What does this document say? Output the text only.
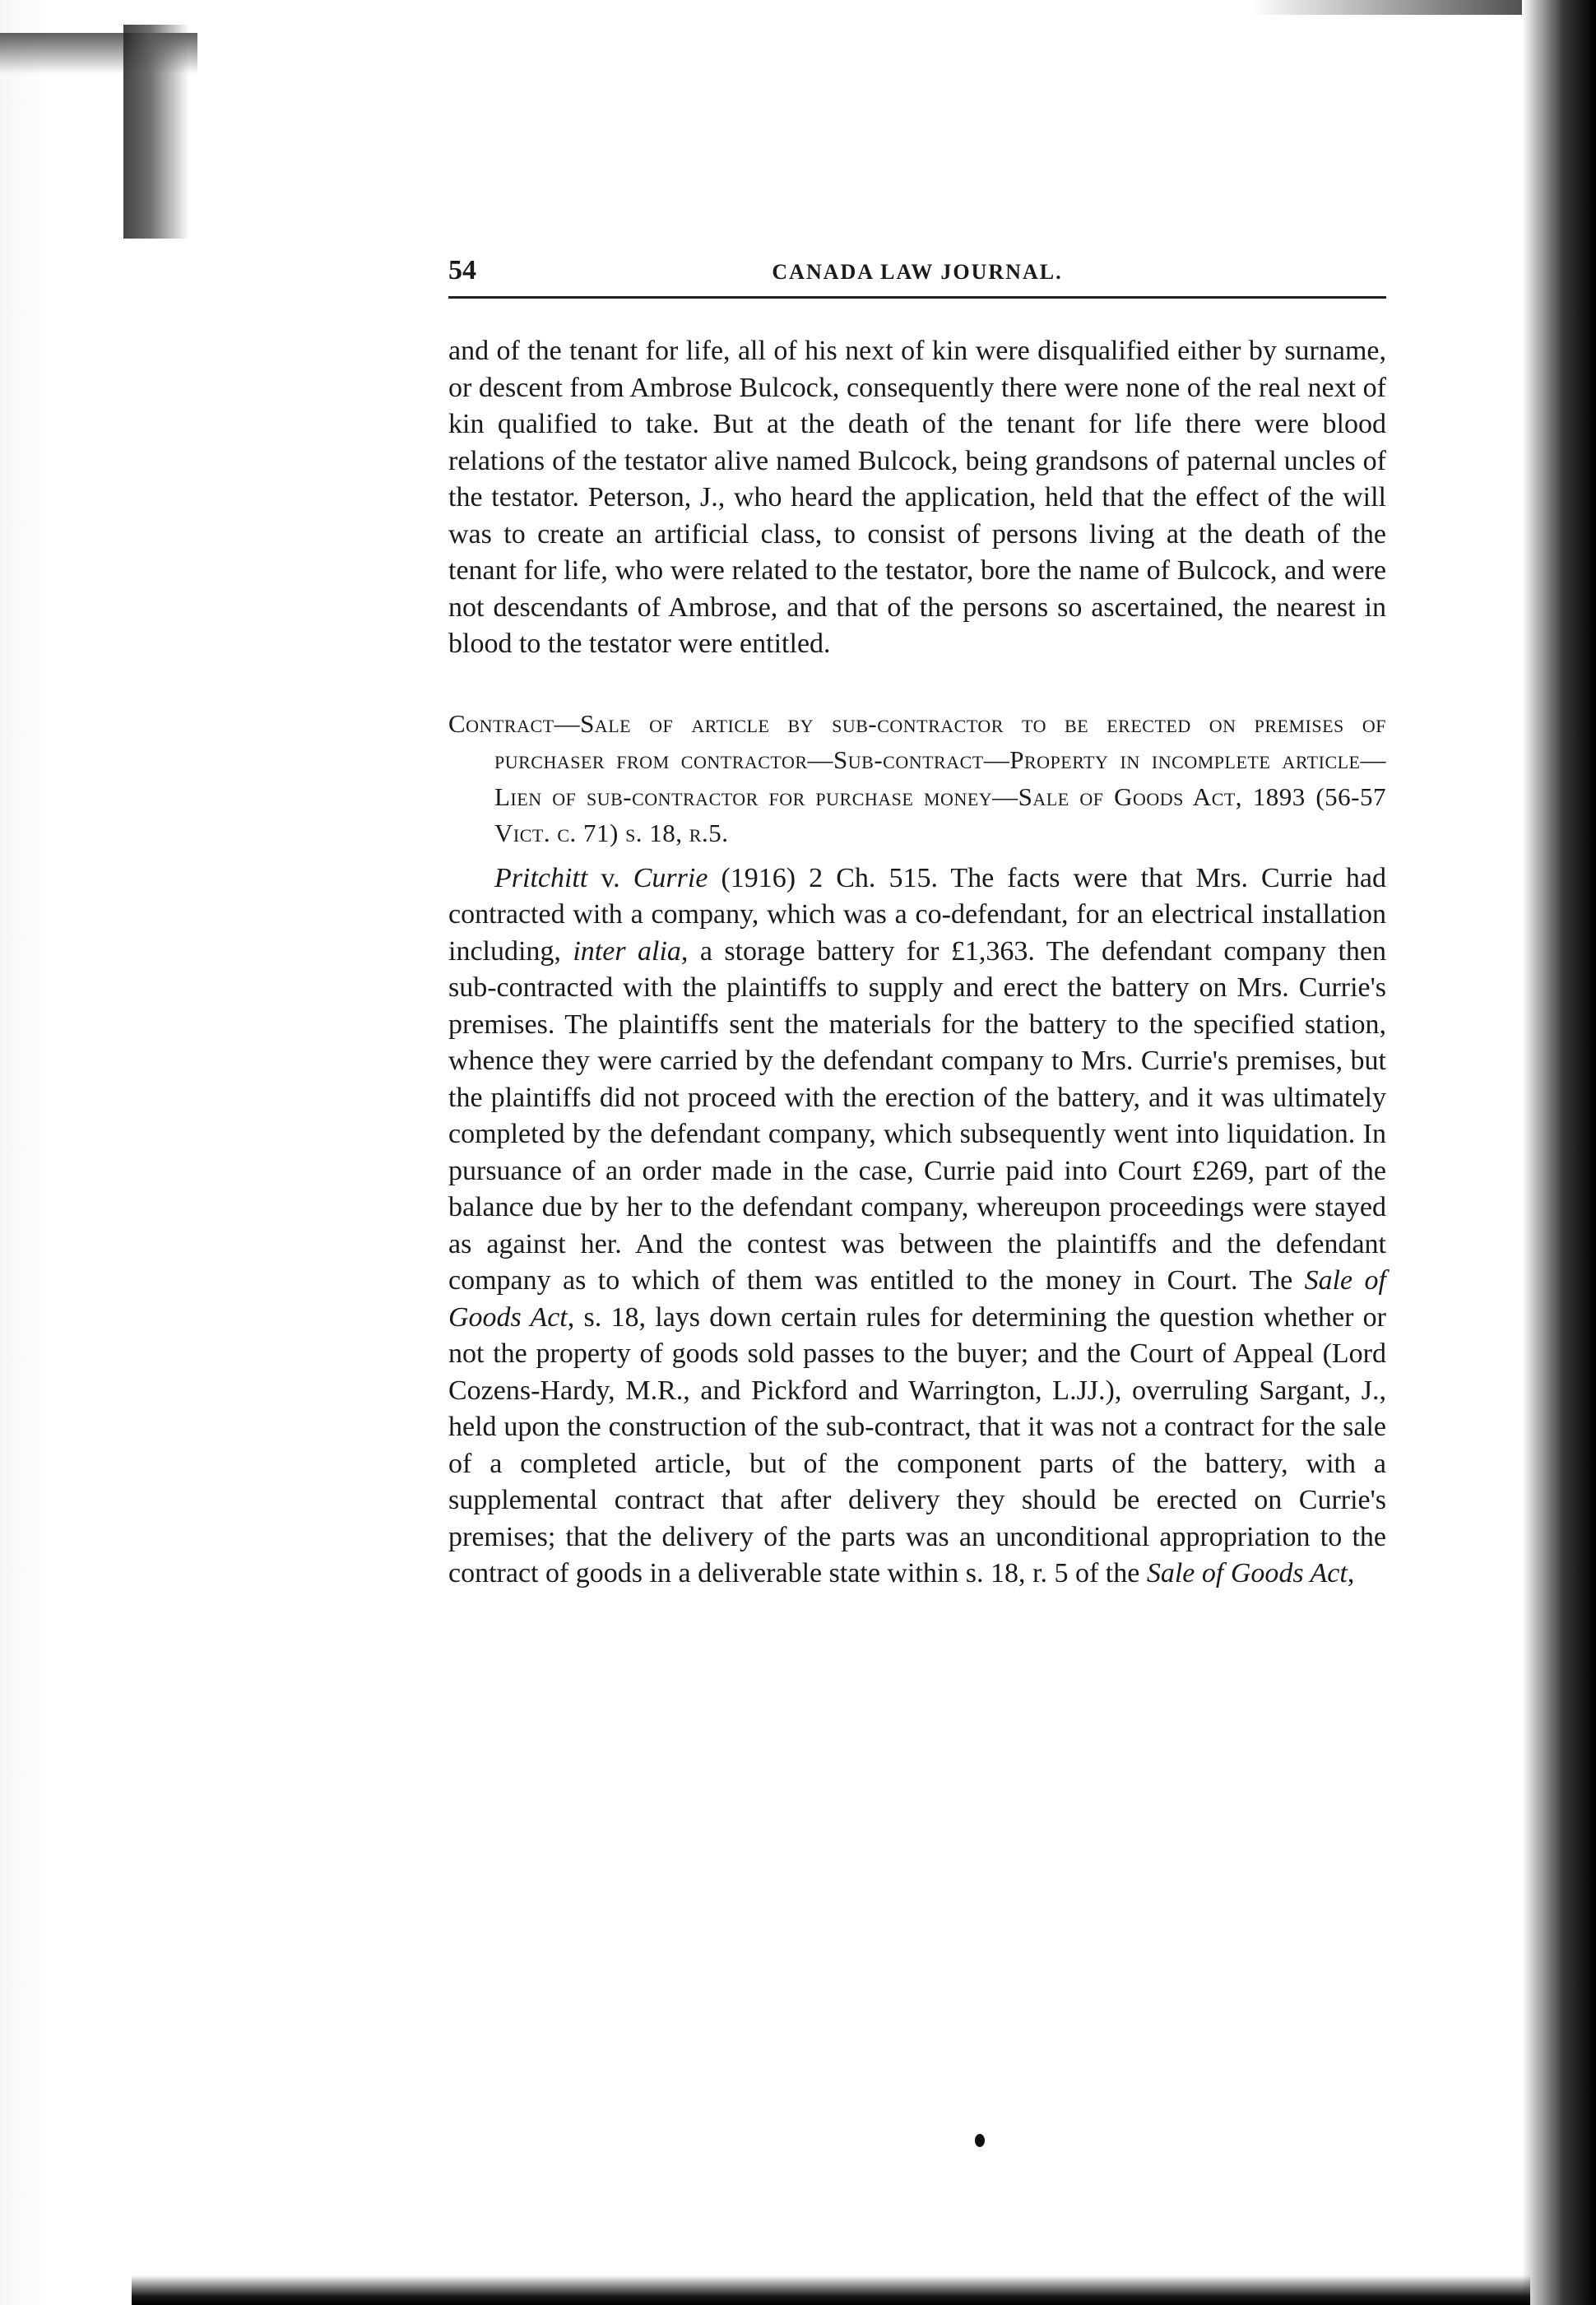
54	CANADA LAW JOURNAL.

and of the tenant for life, all of his next of kin were disqualified either by surname, or descent from Ambrose Bulcock, consequently there were none of the real next of kin qualified to take. But at the death of the tenant for life there were blood relations of the testator alive named Bulcock, being grandsons of paternal uncles of the testator. Peterson, J., who heard the application, held that the effect of the will was to create an artificial class, to consist of persons living at the death of the tenant for life, who were related to the testator, bore the name of Bulcock, and were not descendants of Ambrose, and that of the persons so ascertained, the nearest in blood to the testator were entitled.

Contract—Sale of article by sub-contractor to be erected on premises of purchaser from contractor—Sub-contract—Property in incomplete article—Lien of sub-contractor for purchase money—Sale of Goods Act, 1893 (56-57 Vict. c. 71) s. 18, r.5.

Pritchitt v. Currie (1916) 2 Ch. 515. The facts were that Mrs. Currie had contracted with a company, which was a co-defendant, for an electrical installation including, inter alia, a storage battery for £1,363. The defendant company then sub-contracted with the plaintiffs to supply and erect the battery on Mrs. Currie's premises. The plaintiffs sent the materials for the battery to the specified station, whence they were carried by the defendant company to Mrs. Currie's premises, but the plaintiffs did not proceed with the erection of the battery, and it was ultimately completed by the defendant company, which subsequently went into liquidation. In pursuance of an order made in the case, Currie paid into Court £269, part of the balance due by her to the defendant company, whereupon proceedings were stayed as against her. And the contest was between the plaintiffs and the defendant company as to which of them was entitled to the money in Court. The Sale of Goods Act, s. 18, lays down certain rules for determining the question whether or not the property of goods sold passes to the buyer; and the Court of Appeal (Lord Cozens-Hardy, M.R., and Pickford and Warrington, L.JJ.), overruling Sargant, J., held upon the construction of the sub-contract, that it was not a contract for the sale of a completed article, but of the component parts of the battery, with a supplemental contract that after delivery they should be erected on Currie's premises; that the delivery of the parts was an unconditional appropriation to the contract of goods in a deliverable state within s. 18, r. 5 of the Sale of Goods Act,
